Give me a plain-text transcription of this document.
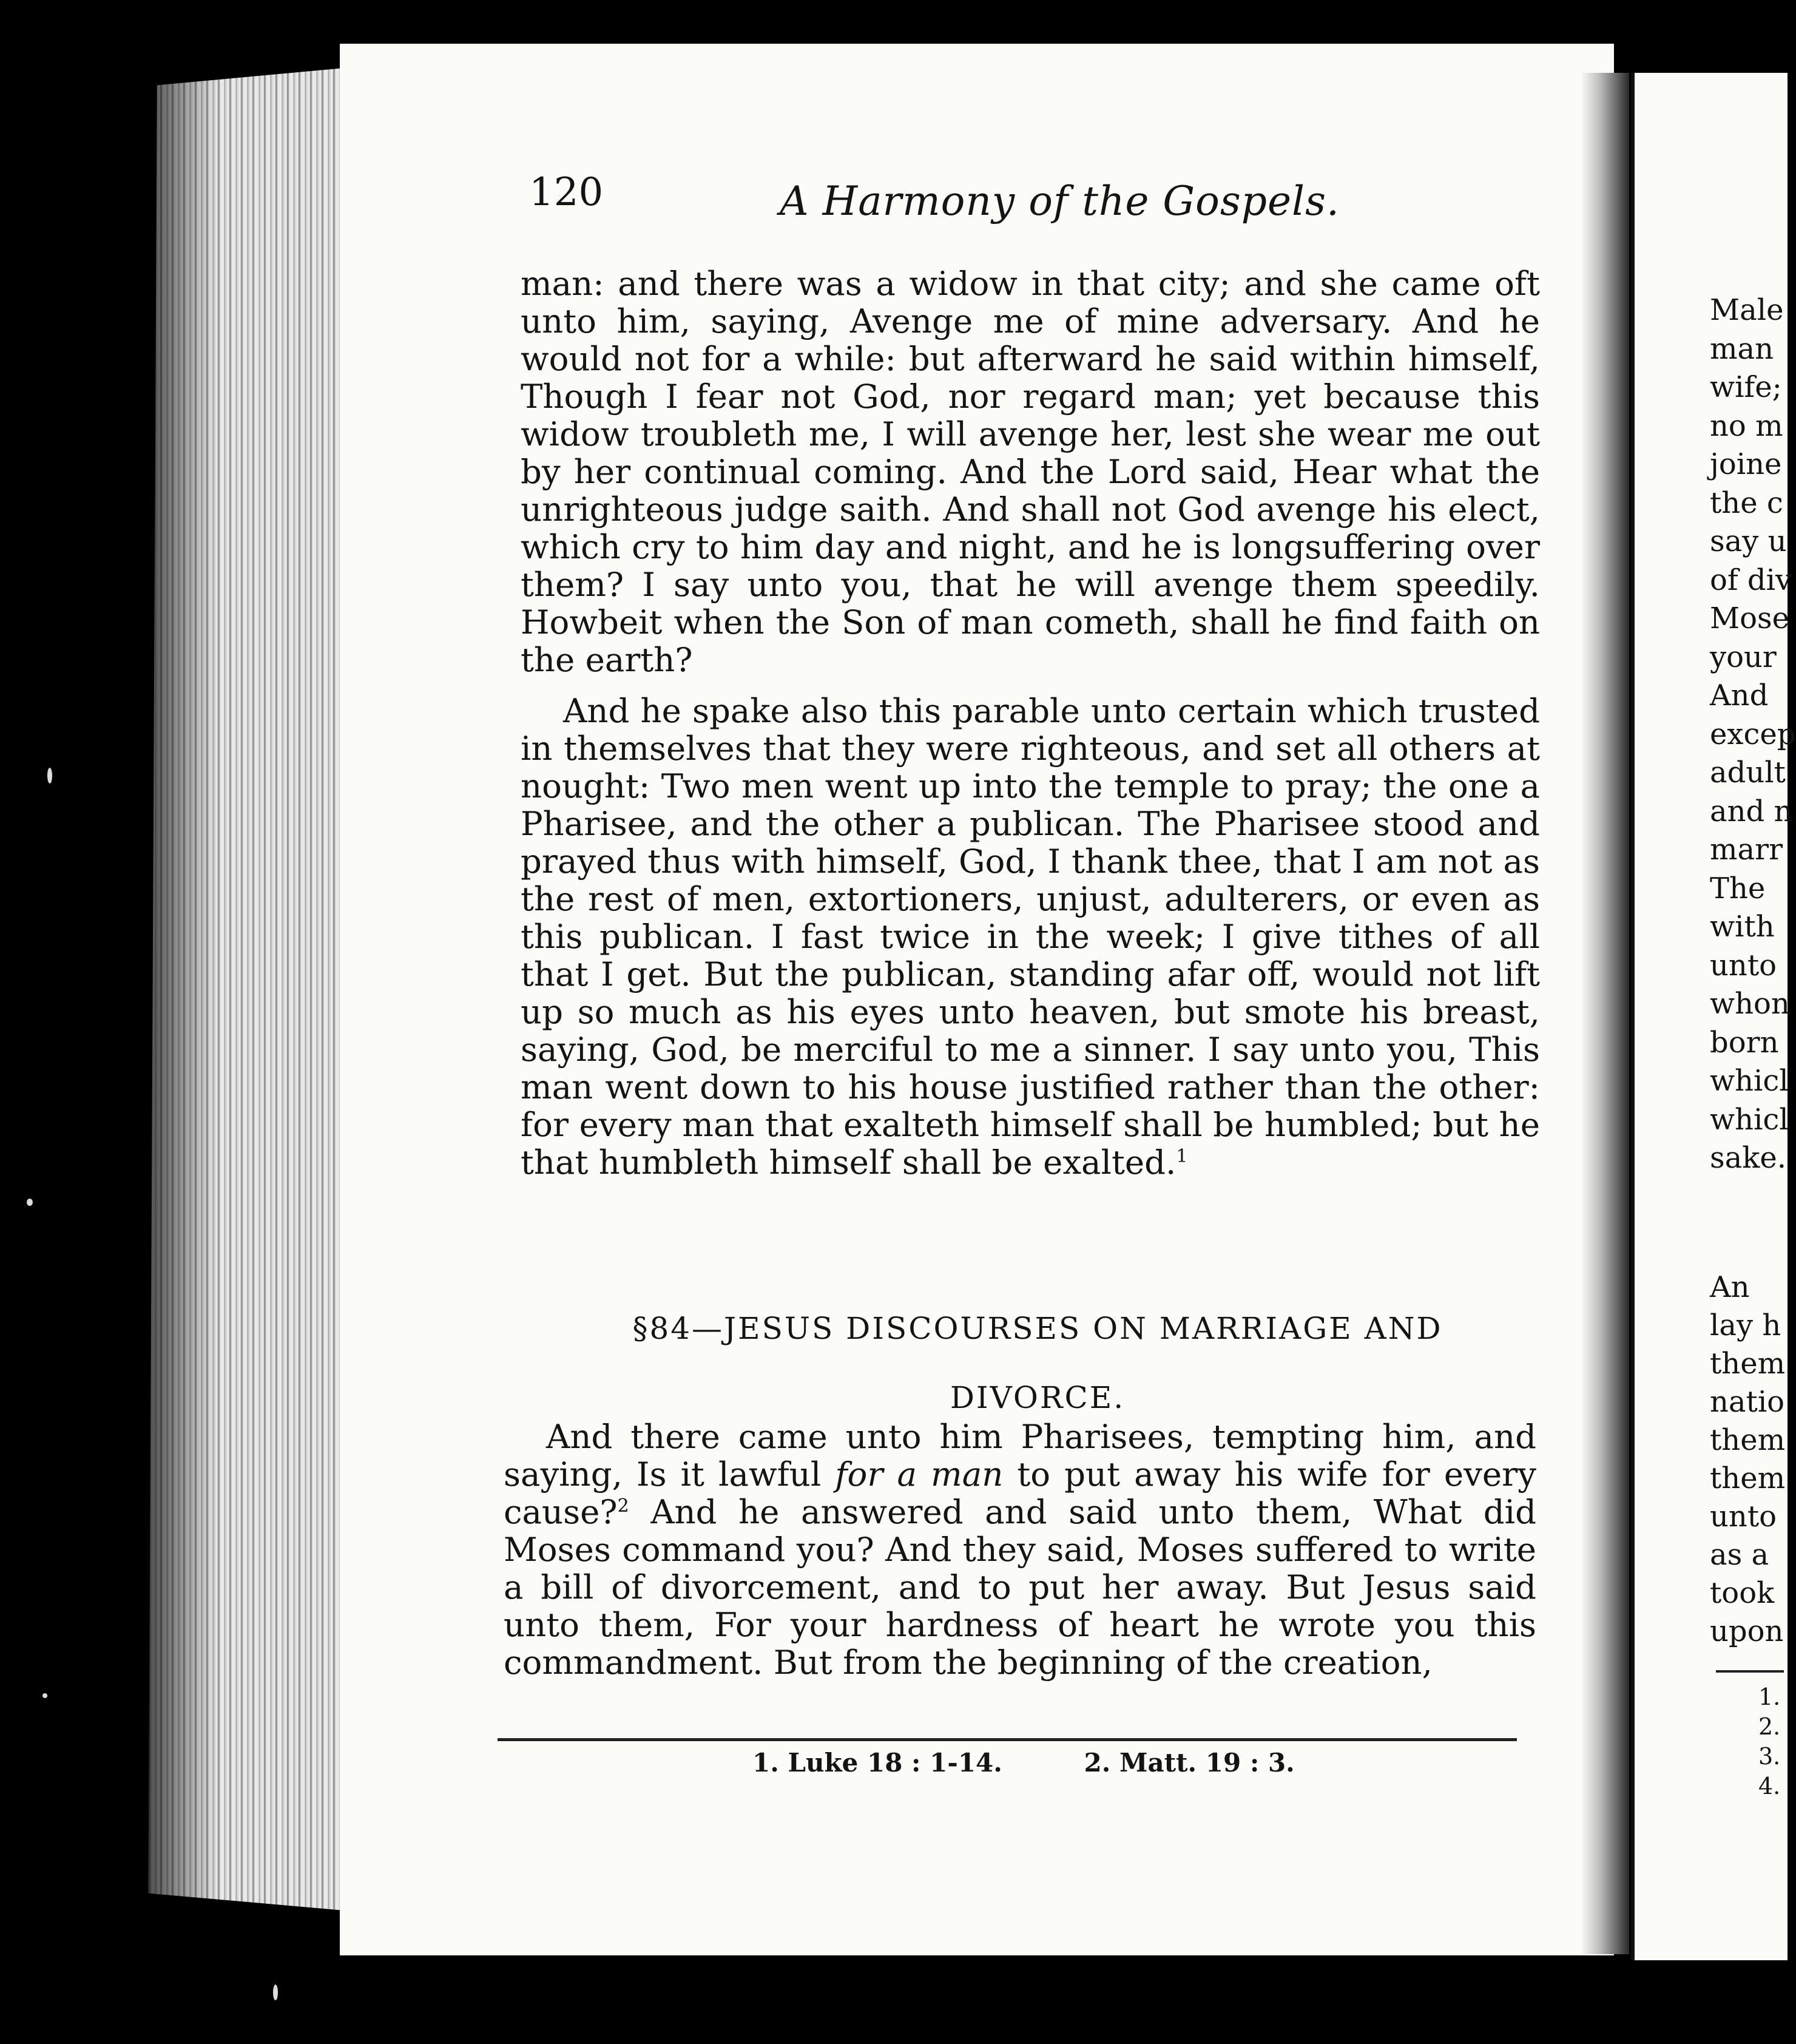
120	A Harmony of the Gospels.

man: and there was a widow in that city; and she came oft unto him, saying, Avenge me of mine adversary. And he would not for a while: but afterward he said within himself, Though I fear not God, nor regard man; yet because this widow troubleth me, I will avenge her, lest she wear me out by her continual coming. And the Lord said, Hear what the unrighteous judge saith. And shall not God avenge his elect, which cry to him day and night, and he is longsuffering over them? I say unto you, that he will avenge them speedily. Howbeit when the Son of man cometh, shall he find faith on the earth?

And he spake also this parable unto certain which trusted in themselves that they were righteous, and set all others at nought: Two men went up into the temple to pray; the one a Pharisee, and the other a publican. The Pharisee stood and prayed thus with himself, God, I thank thee, that I am not as the rest of men, extortioners, unjust, adulterers, or even as this publican. I fast twice in the week; I give tithes of all that I get. But the publican, standing afar off, would not lift up so much as his eyes unto heaven, but smote his breast, saying, God, be merciful to me a sinner. I say unto you, This man went down to his house justified rather than the other: for every man that exalteth himself shall be humbled; but he that humbleth himself shall be exalted.$^1$

§84—JESUS DISCOURSES ON MARRIAGE AND
DIVORCE.

And there came unto him Pharisees, tempting him, and saying, Is it lawful for a man to put away his wife for every cause?$^2$ And he answered and said unto them, What did Moses command you? And they said, Moses suffered to write a bill of divorcement, and to put her away. But Jesus said unto them, For your hardness of heart he wrote you this commandment. But from the beginning of the creation,

1. Luke 18 : 1-14.	2. Matt. 19 : 3.
Male
man
wife;
no m
joine
the c
say u
of div
Mose
your
And
excep
adult
and n
marr
The
with
unto
whon
born
whicl
whicl
sake.
An
lay h
them
natio
them
them
unto
as a
took
upon
1.
2.
3.
4.
